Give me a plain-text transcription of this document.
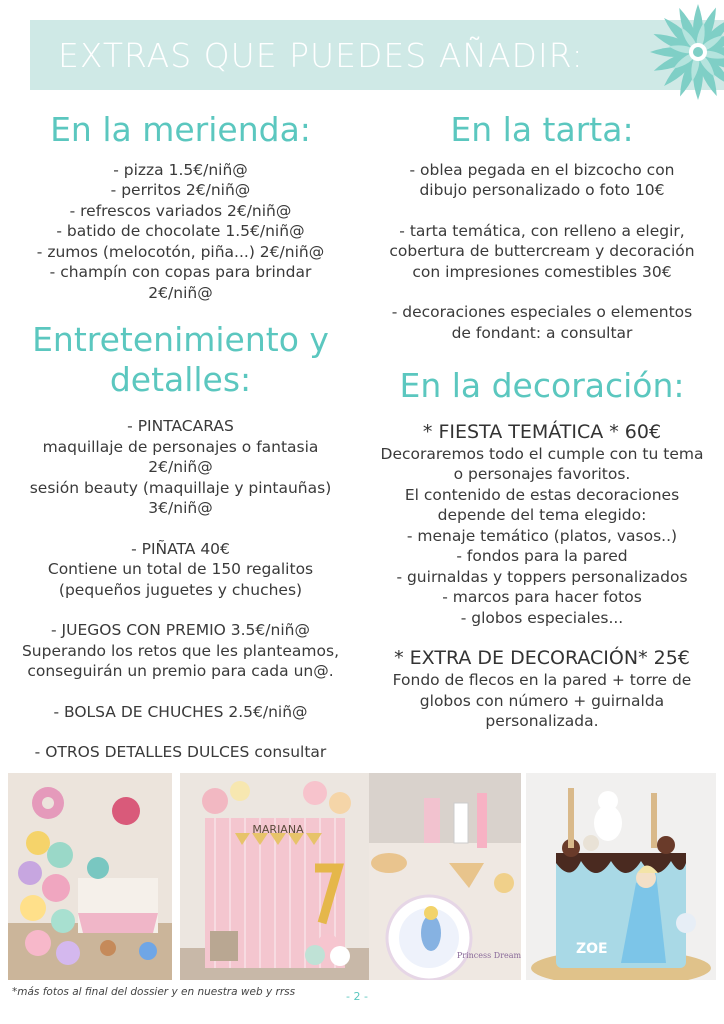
EXTRAS QUE PUEDES AÑADIR:
En la merienda:
- pizza 1.5€/niñ@
- perritos 2€/niñ@
- refrescos variados 2€/niñ@
- batido de chocolate 1.5€/niñ@
- zumos (melocotón, piña...) 2€/niñ@
- champín con copas para brindar
2€/niñ@
Entretenimiento y
detalles:
- PINTACARAS
maquillaje de personajes o fantasia
2€/niñ@
sesión beauty (maquillaje y pintauñas)
3€/niñ@
- PIÑATA 40€
Contiene un total de 150 regalitos
(pequeños juguetes y chuches)
- JUEGOS CON PREMIO 3.5€/niñ@
Superando los retos que les planteamos,
conseguirán un premio para cada un@.
- BOLSA DE CHUCHES 2.5€/niñ@
- OTROS DETALLES DULCES consultar
En la tarta:
- oblea pegada en el bizcocho con
dibujo personalizado o foto 10€
- tarta temática, con relleno a elegir,
cobertura de buttercream y decoración
con impresiones comestibles 30€
- decoraciones especiales o elementos
de fondant: a consultar
En la decoración:
* FIESTA TEMÁTICA * 60€
Decoraremos todo el cumple con tu tema
o personajes favoritos.
El contenido de estas decoraciones
depende del tema elegido:
- menaje temático (platos, vasos..)
- fondos para la pared
- guirnaldas y toppers personalizados
- marcos para hacer fotos
- globos especiales...
* EXTRA DE DECORACIÓN* 25€
Fondo de flecos en la pared + torre de
globos con número + guirnalda
personalizada.
MARIANA
Princess Dream	ZOE
*más fotos al final del dossier y en nuestra web y rrss	- 2 -
